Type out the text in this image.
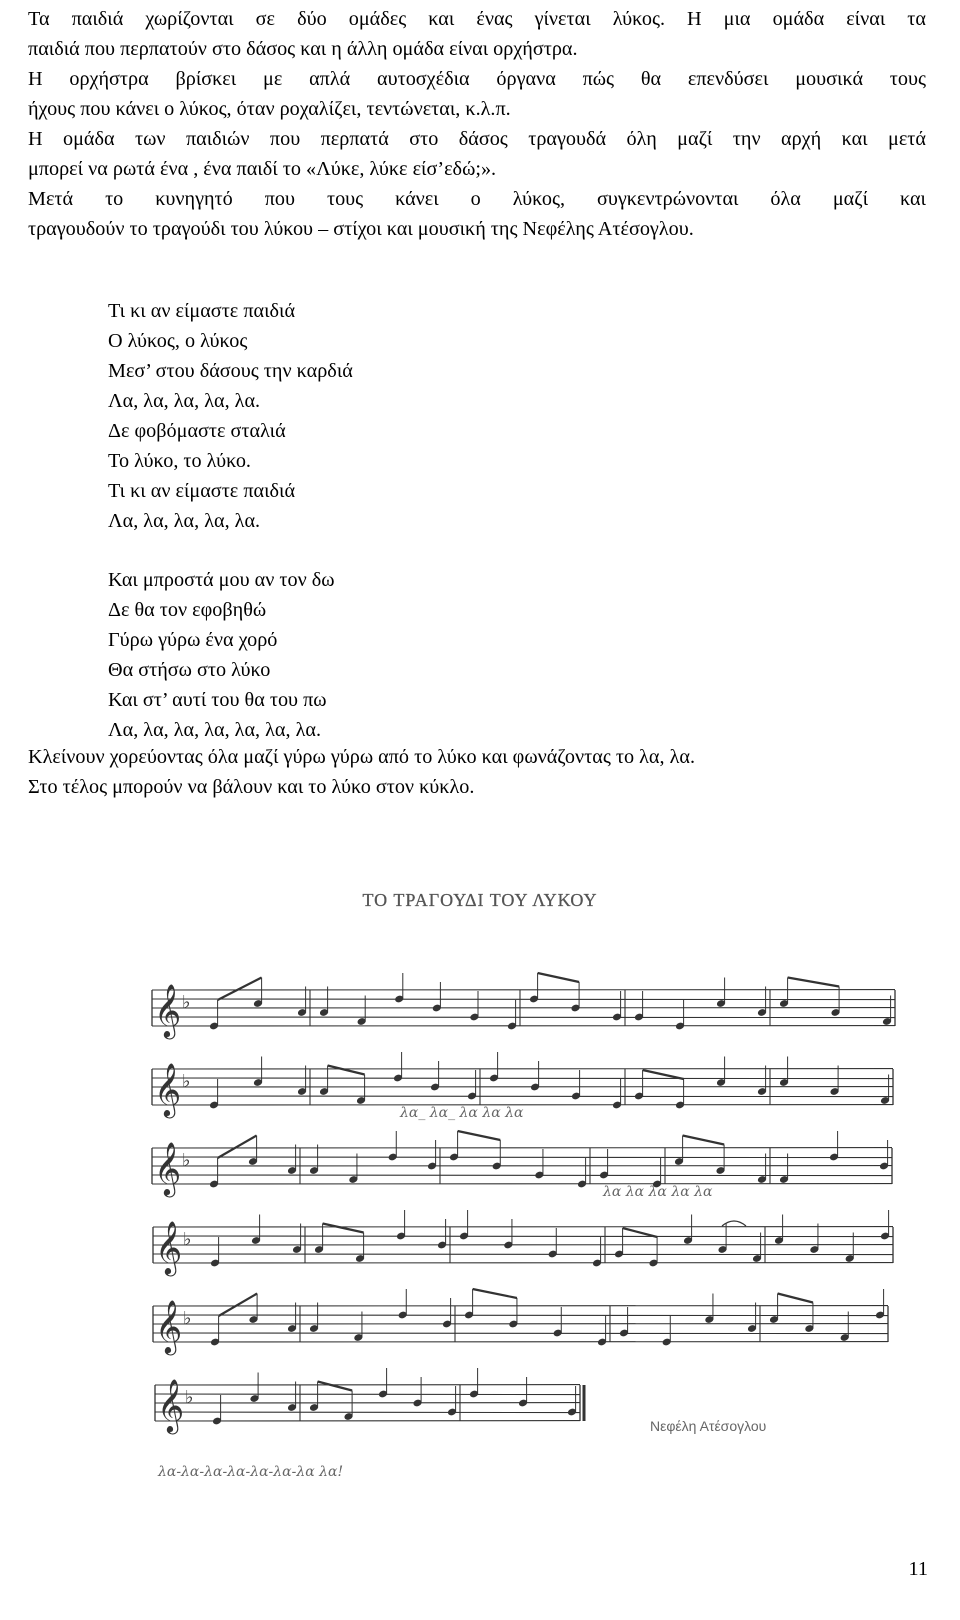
Τα παιδιά χωρίζονται σε δύο ομάδες και ένας γίνεται λύκος. Η μια ομάδα είναι τα
παιδιά που περπατούν στο δάσος και η άλλη ομάδα είναι ορχήστρα.
Η ορχήστρα βρίσκει με απλά αυτοσχέδια όργανα πώς θα επενδύσει μουσικά τους
ήχους που κάνει ο λύκος, όταν ροχαλίζει, τεντώνεται, κ.λ.π.
Η ομάδα των παιδιών που περπατά στο δάσος τραγουδά όλη μαζί την αρχή και μετά
μπορεί να ρωτά ένα , ένα παιδί το «Λύκε, λύκε είσ’εδώ;».
Μετά το κυνηγητό που τους κάνει ο λύκος, συγκεντρώνονται όλα μαζί και
τραγουδούν το τραγούδι του λύκου – στίχοι και μουσική της Νεφέλης Ατέσογλου.
Τι κι αν είμαστε παιδιά
Ο λύκος, ο λύκος
Μεσ’ στου δάσους την καρδιά
Λα, λα, λα, λα, λα.
Δε φοβόμαστε σταλιά
Το λύκο, το λύκο.
Τι κι αν είμαστε παιδιά
Λα, λα, λα, λα, λα.
Και μπροστά μου αν τον δω
Δε θα τον εφοβηθώ
Γύρω γύρω ένα χορό
Θα στήσω στο λύκο
Και στ’ αυτί του θα του πω
Λα, λα, λα, λα, λα, λα, λα.
Κλείνουν χορεύοντας όλα μαζί γύρω γύρω από το λύκο και φωνάζοντας το λα, λα.
Στο τέλος μπορούν να βάλουν και το λύκο στον κύκλο.
ΤΟ ΤΡΑΓΟΥΔΙ ΤΟΥ ΛΥΚΟΥ
𝄞 ♭
𝄞 ♭
𝄞 ♭
𝄞 ♭
𝄞 ♭
𝄞 ♭
λα_ λα_ λα λα λα
λα λα λα λα λα
λα-λα-λα-λα-λα-λα-λα λα!
Νεφέλη Ατέσογλου
11
